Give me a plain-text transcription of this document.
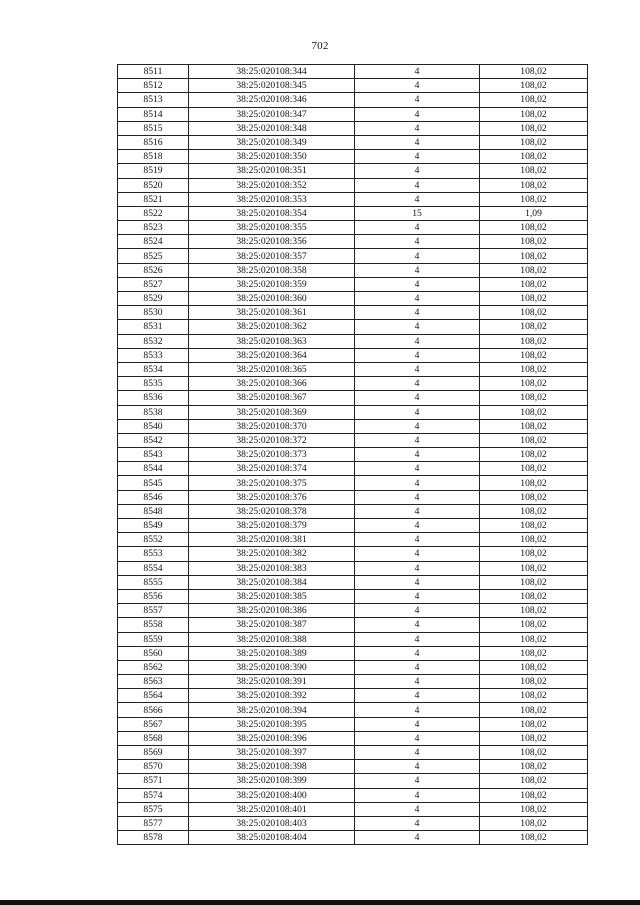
702
8511	38:25:020108:344	4	108,02
8512	38:25:020108:345	4	108,02
8513	38:25:020108:346	4	108,02
8514	38:25:020108:347	4	108,02
8515	38:25:020108:348	4	108,02
8516	38:25:020108:349	4	108,02
8518	38:25:020108:350	4	108,02
8519	38:25:020108:351	4	108,02
8520	38:25:020108:352	4	108,02
8521	38:25:020108:353	4	108,02
8522	38:25:020108:354	15	1,09
8523	38:25:020108:355	4	108,02
8524	38:25:020108:356	4	108,02
8525	38:25:020108:357	4	108,02
8526	38:25:020108:358	4	108,02
8527	38:25:020108:359	4	108,02
8529	38:25:020108:360	4	108,02
8530	38:25:020108:361	4	108,02
8531	38:25:020108:362	4	108,02
8532	38:25:020108:363	4	108,02
8533	38:25:020108:364	4	108,02
8534	38:25:020108:365	4	108,02
8535	38:25:020108:366	4	108,02
8536	38:25:020108:367	4	108,02
8538	38:25:020108:369	4	108,02
8540	38:25:020108:370	4	108,02
8542	38:25:020108:372	4	108,02
8543	38:25:020108:373	4	108,02
8544	38:25:020108:374	4	108,02
8545	38:25:020108:375	4	108,02
8546	38:25:020108:376	4	108,02
8548	38:25:020108:378	4	108,02
8549	38:25:020108:379	4	108,02
8552	38:25:020108:381	4	108,02
8553	38:25:020108:382	4	108,02
8554	38:25:020108:383	4	108,02
8555	38:25:020108:384	4	108,02
8556	38:25:020108:385	4	108,02
8557	38:25:020108:386	4	108,02
8558	38:25:020108:387	4	108,02
8559	38:25:020108:388	4	108,02
8560	38:25:020108:389	4	108,02
8562	38:25:020108:390	4	108,02
8563	38:25:020108:391	4	108,02
8564	38:25:020108:392	4	108,02
8566	38:25:020108:394	4	108,02
8567	38:25:020108:395	4	108,02
8568	38:25:020108:396	4	108,02
8569	38:25:020108:397	4	108,02
8570	38:25:020108:398	4	108,02
8571	38:25:020108:399	4	108,02
8574	38:25:020108:400	4	108,02
8575	38:25:020108:401	4	108,02
8577	38:25:020108:403	4	108,02
8578	38:25:020108:404	4	108,02
